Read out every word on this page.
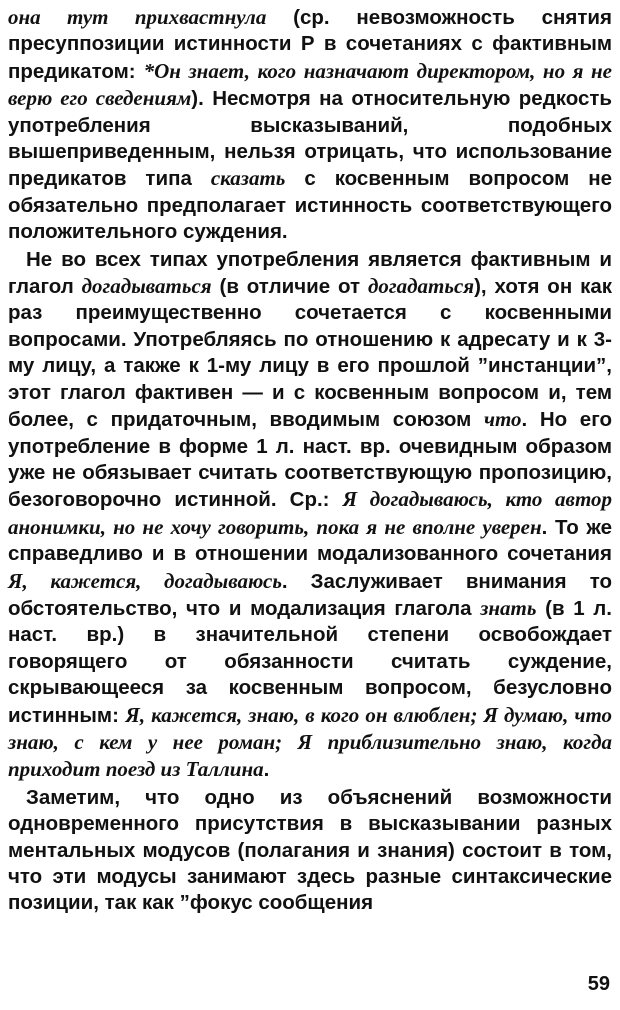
она тут прихвастнула (ср. невозможность снятия пресуппозиции истинности Р в сочетаниях с фактивным предикатом: *Он знает, кого назначают директором, но я не верю его сведениям). Несмотря на относительную редкость употребления высказываний, подобных вышеприведенным, нельзя отрицать, что использование предикатов типа сказать с косвенным вопросом не обязательно предполагает истинность соответствующего положительного суждения.

Не во всех типах употребления является фактивным и глагол догадываться (в отличие от догадаться), хотя он как раз преимущественно сочетается с косвенными вопросами. Употребляясь по отношению к адресату и к 3-му лицу, а также к 1-му лицу в его прошлой ”инстанции”, этот глагол фактивен — и с косвенным вопросом и, тем более, с придаточным, вводимым союзом что. Но его употребление в форме 1 л. наст. вр. очевидным образом уже не обязывает считать соответствующую пропозицию, безоговорочно истинной. Ср.: Я догадываюсь, кто автор анонимки, но не хочу говорить, пока я не вполне уверен. То же справедливо и в отношении модализованного сочетания Я, кажется, догадываюсь. Заслуживает внимания то обстоятельство, что и модализация глагола знать (в 1 л. наст. вр.) в значительной степени освобождает говорящего от обязанности считать суждение, скрывающееся за косвенным вопросом, безусловно истинным: Я, кажется, знаю, в кого он влюблен; Я думаю, что знаю, с кем у нее роман; Я приблизительно знаю, когда приходит поезд из Таллина.

Заметим, что одно из объяснений возможности одновременного присутствия в высказывании разных ментальных модусов (полагания и знания) состоит в том, что эти модусы занимают здесь разные синтаксические позиции, так как ”фокус сообщения

59
